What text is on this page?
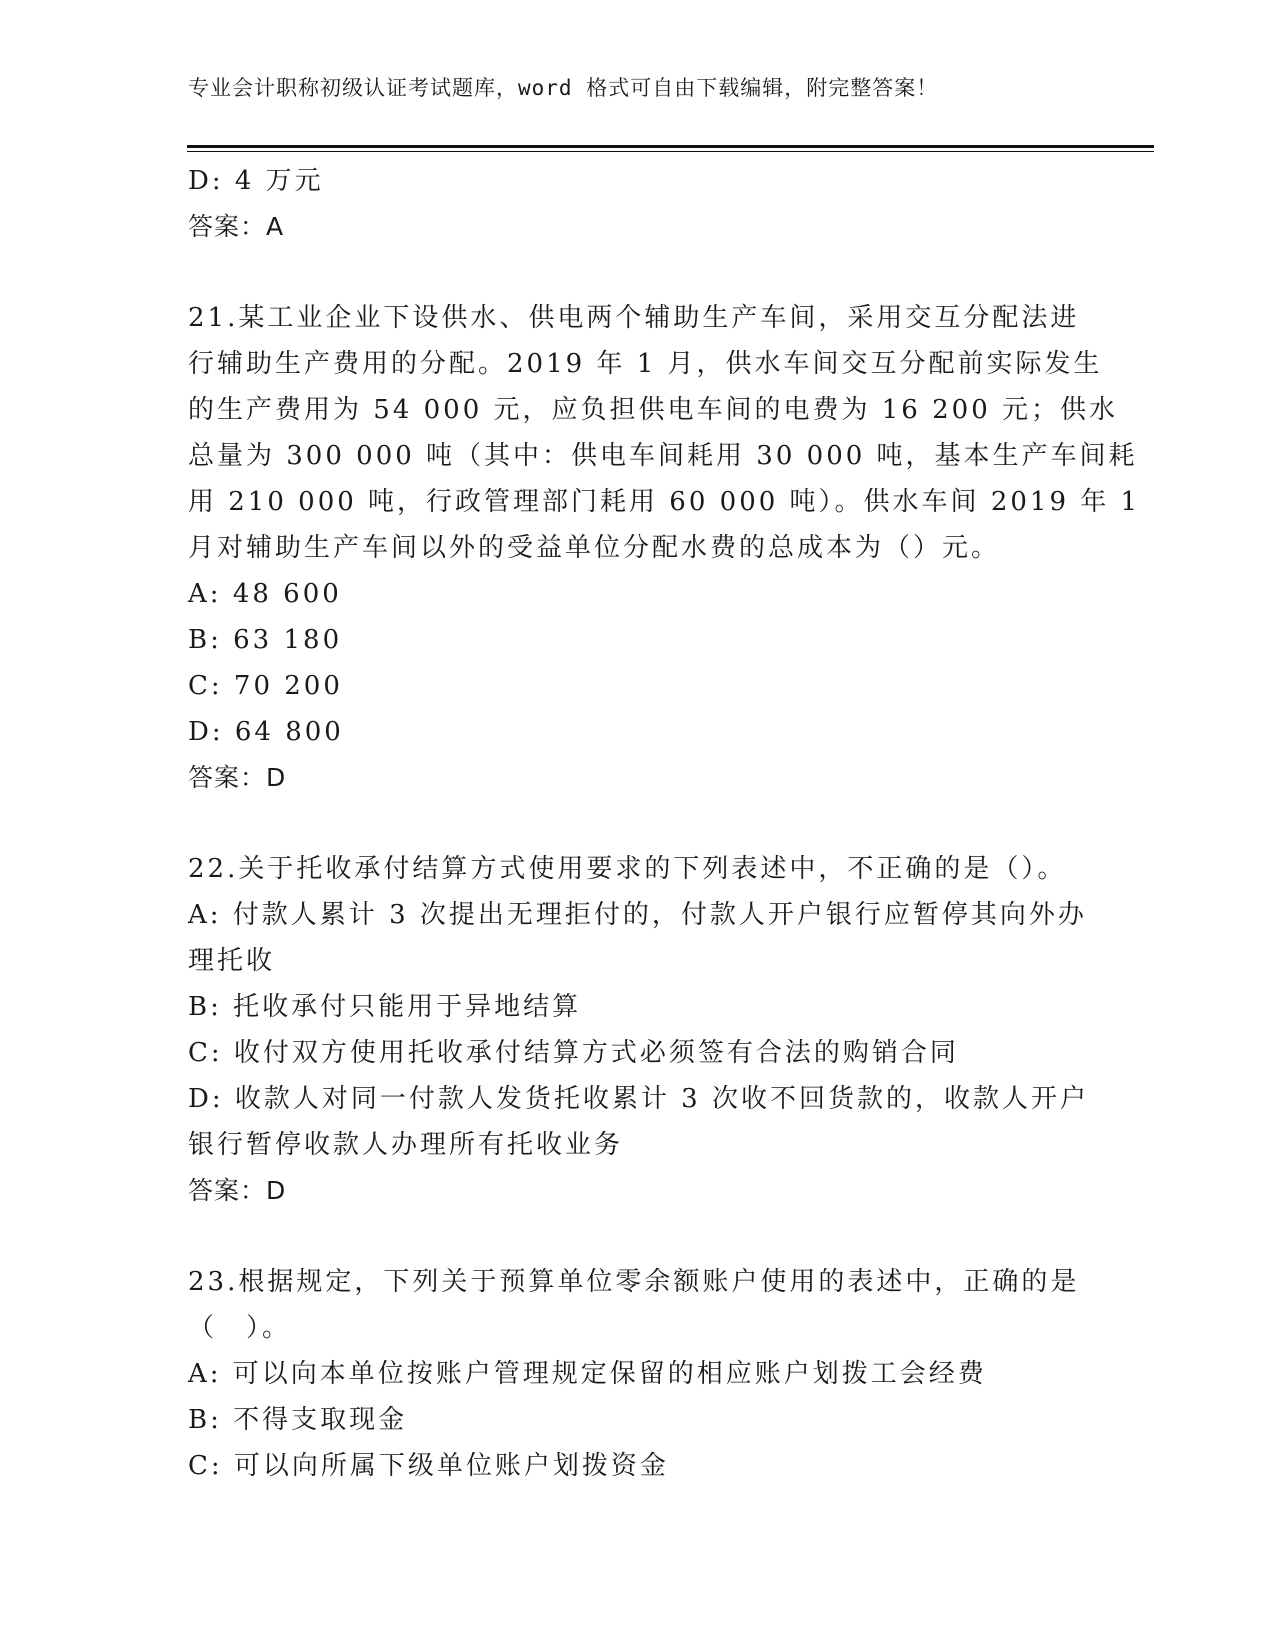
专业会计职称初级认证考试题库，word 格式可自由下载编辑，附完整答案！
D: 4 万元
答案：A
21.某工业企业下设供水、供电两个辅助生产车间，采用交互分配法进
行辅助生产费用的分配。2019 年 1 月，供水车间交互分配前实际发生
的生产费用为 54 000 元，应负担供电车间的电费为 16 200 元；供水
总量为 300 000 吨（其中：供电车间耗用 30 000 吨，基本生产车间耗
用 210 000 吨，行政管理部门耗用 60 000 吨）。供水车间 2019 年 1
月对辅助生产车间以外的受益单位分配水费的总成本为（）元。
A: 48 600
B: 63 180
C: 70 200
D: 64 800
答案：D
22.关于托收承付结算方式使用要求的下列表述中，不正确的是（）。
A: 付款人累计 3 次提出无理拒付的，付款人开户银行应暂停其向外办
理托收
B: 托收承付只能用于异地结算
C: 收付双方使用托收承付结算方式必须签有合法的购销合同
D: 收款人对同一付款人发货托收累计 3 次收不回货款的，收款人开户
银行暂停收款人办理所有托收业务
答案：D
23.根据规定，下列关于预算单位零余额账户使用的表述中，正确的是
（　）。
A: 可以向本单位按账户管理规定保留的相应账户划拨工会经费
B: 不得支取现金
C: 可以向所属下级单位账户划拨资金
